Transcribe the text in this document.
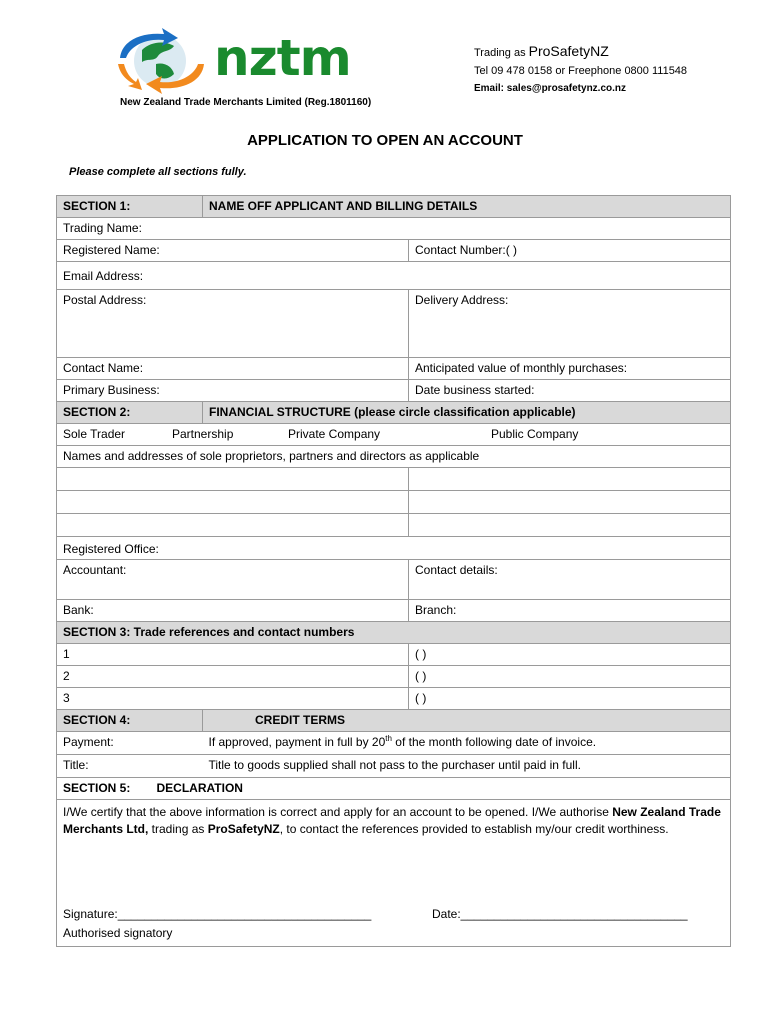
nztm
New Zealand Trade Merchants Limited (Reg.1801160)
Trading as ProSafetyNZ
Tel 09 478 0158 or Freephone 0800 111548
Email: sales@prosafetynz.co.nz
APPLICATION TO OPEN AN ACCOUNT
Please complete all sections fully.
SECTION 1:	NAME OFF APPLICANT AND BILLING DETAILS
Trading Name:
Registered Name:	Contact Number:( )
Email Address:
Postal Address:	Delivery Address:
Contact Name:	Anticipated value of monthly purchases:
Primary Business:	Date business started:
SECTION 2:	FINANCIAL STRUCTURE (please circle classification applicable)
Sole Trader	Partnership	Private Company	Public Company

Names and addresses of sole proprietors, partners and directors as applicable

Registered Office:
Accountant:	Contact details:
Bank:	Branch:
SECTION 3: Trade references and contact numbers
1	( )
2	( )
3	( )
SECTION 4:	CREDIT TERMS
Payment:	If approved, payment in full by 20th of the month following date of invoice.
Title:	Title to goods supplied shall not pass to the purchaser until paid in full.
SECTION 5:	DECLARATION

I/We certify that the above information is correct and apply for an account to be opened. I/We authorise New Zealand Trade Merchants Ltd, trading as ProSafetyNZ, to contact the references provided to establish my/our credit worthiness.
Signature:______________________________________	Date:__________________________________
Authorised signatory
